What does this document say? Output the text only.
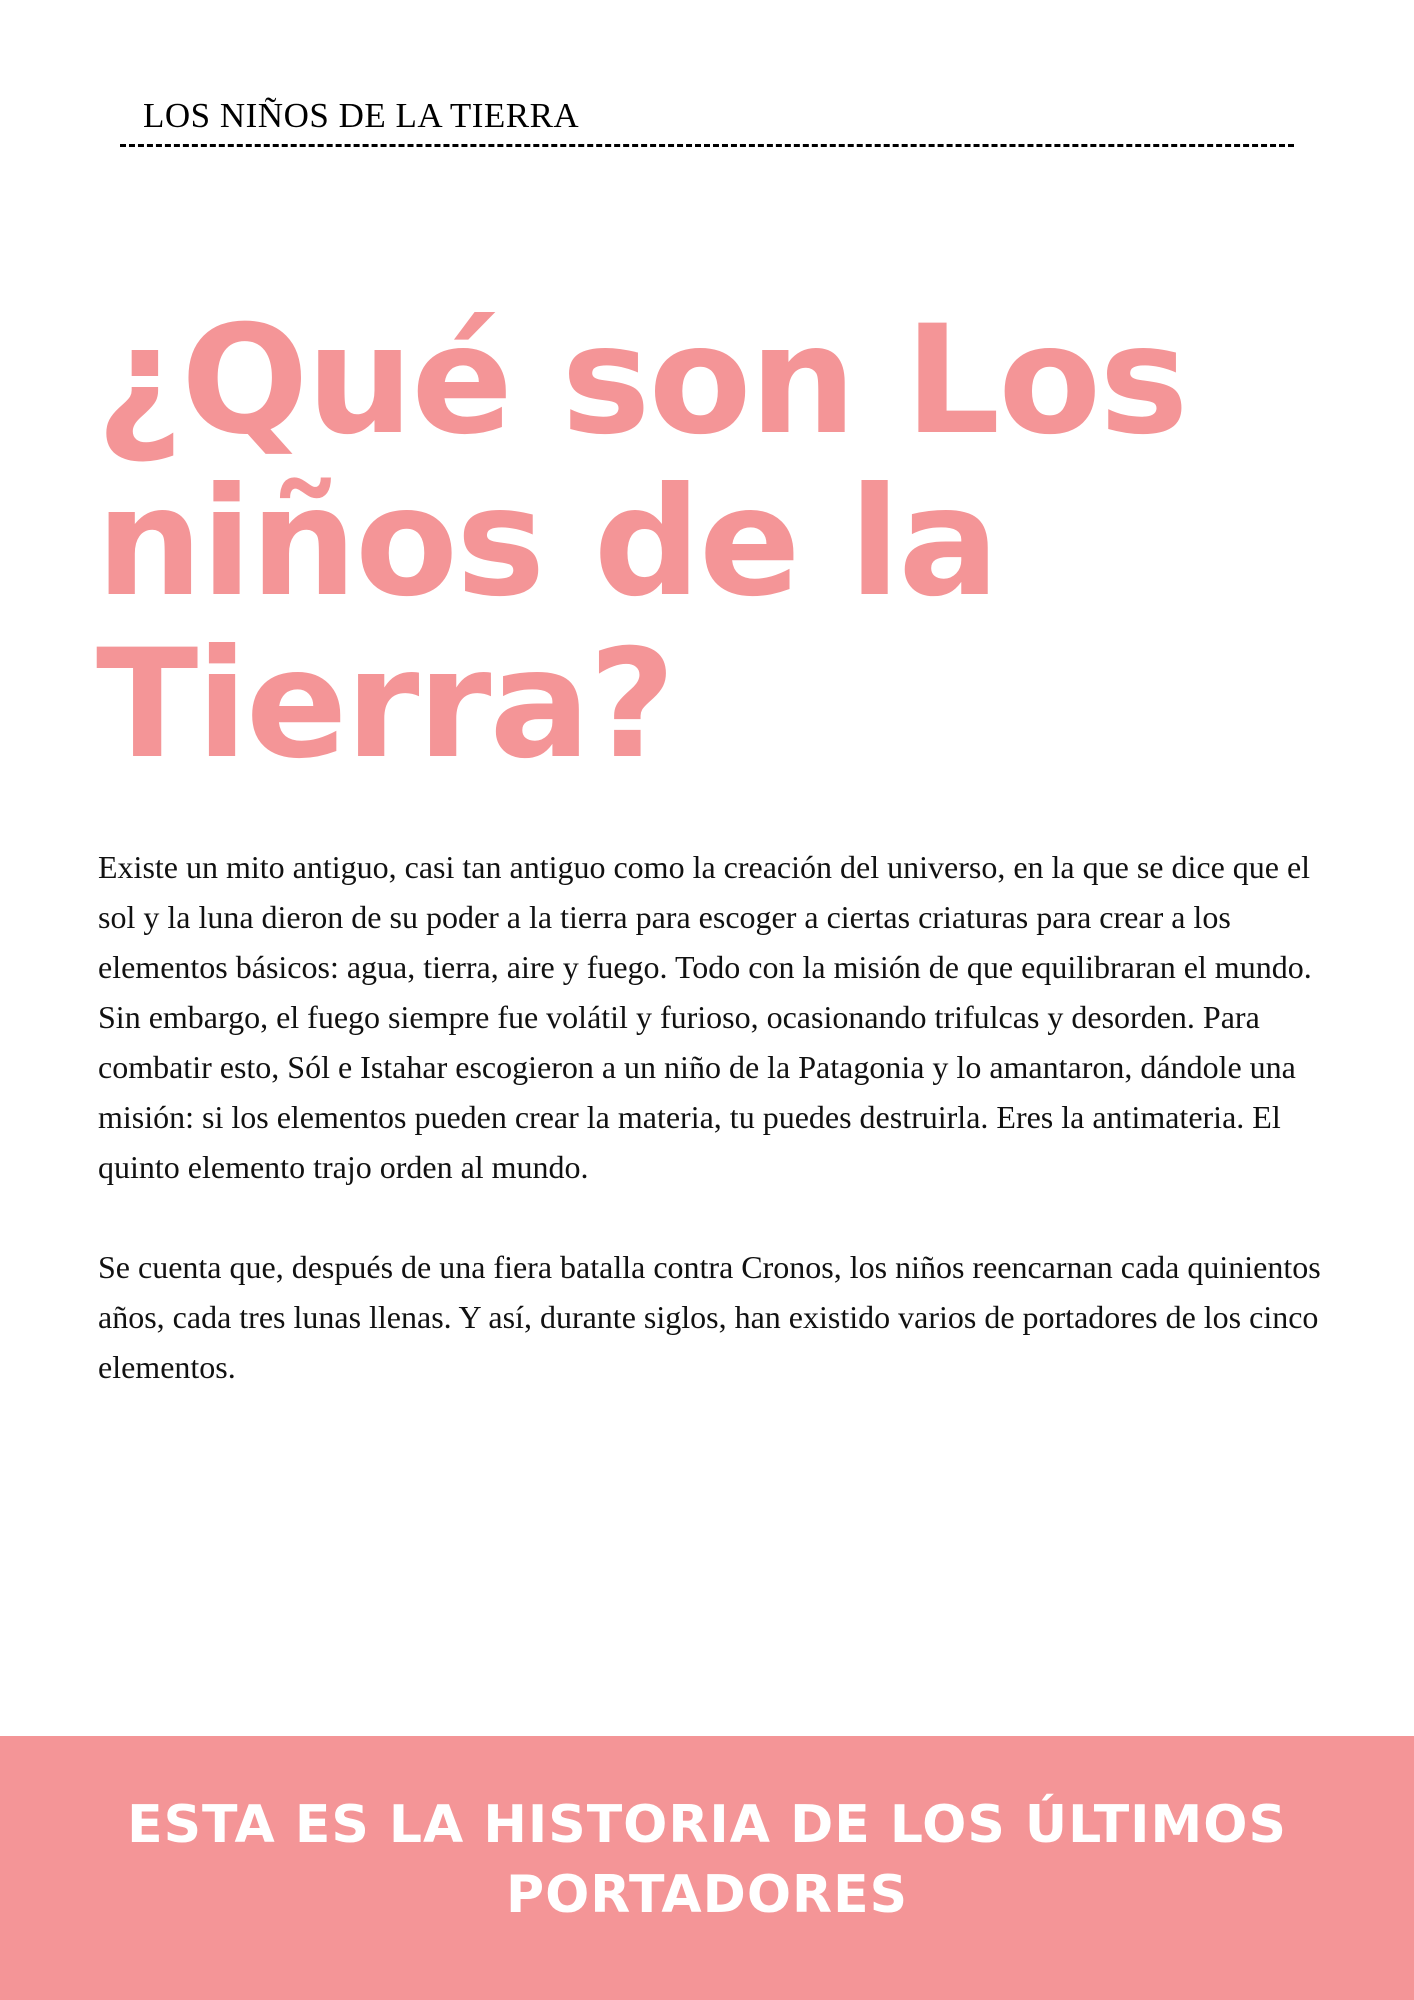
LOS NIÑOS DE LA TIERRA
¿Qué son Los
niños de la
Tierra?

Existe un mito antiguo, casi tan antiguo como la creación del universo, en la que se dice que el sol y la luna dieron de su poder a la tierra para escoger a ciertas criaturas para crear a los elementos básicos: agua, tierra, aire y fuego. Todo con la misión de que equilibraran el mundo. Sin embargo, el fuego siempre fue volátil y furioso, ocasionando trifulcas y desorden. Para combatir esto, Sól e Istahar escogieron a un niño de la Patagonia y lo amantaron, dándole una misión: si los elementos pueden crear la materia, tu puedes destruirla. Eres la antimateria. El quinto elemento trajo orden al mundo.

Se cuenta que, después de una fiera batalla contra Cronos, los niños reencarnan cada quinientos años, cada tres lunas llenas. Y así, durante siglos, han existido varios de portadores de los cinco elementos.

ESTA ES LA HISTORIA DE LOS ÚLTIMOS PORTADORES
